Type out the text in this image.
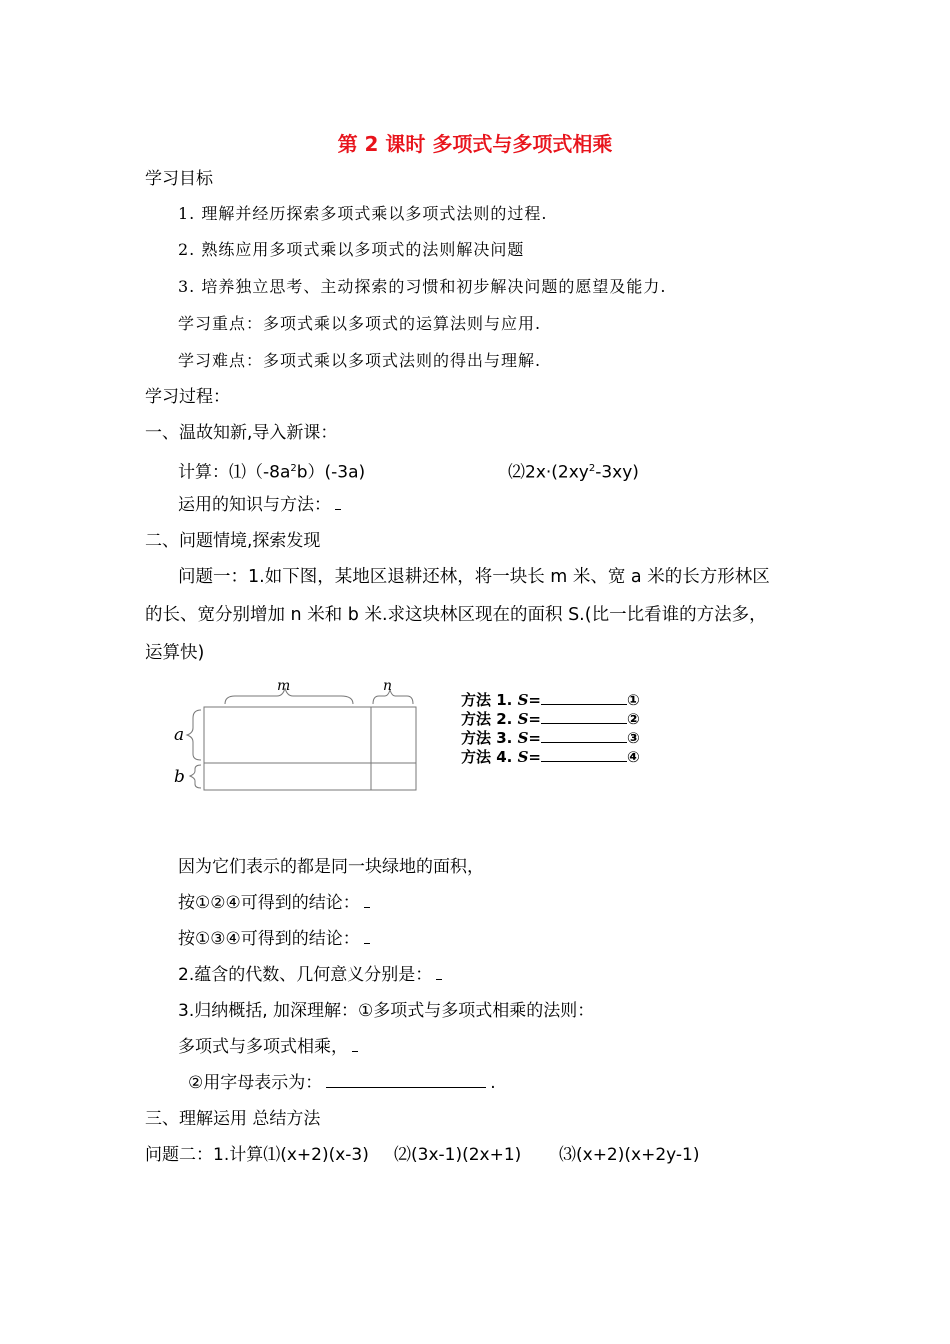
第 2 课时 多项式与多项式相乘
学习目标
1. 理解并经历探索多项式乘以多项式法则的过程.
2. 熟练应用多项式乘以多项式的法则解决问题
3. 培养独立思考、主动探索的习惯和初步解决问题的愿望及能力.
学习重点：多项式乘以多项式的运算法则与应用.
学习难点：多项式乘以多项式法则的得出与理解.
学习过程：
一、温故知新,导入新课：
计算：$⑴(-8a^2b)(-3a)$	$⑵2x\cdot(2xy^2-3xy)$
运用的知识与方法：
二、问题情境,探索发现
问题一：1.如下图，某地区退耕还林，将一块长 m 米、宽 a 米的长方形林区
的长、宽分别增加 n 米和 b 米.求这块林区现在的面积 S.(比一比看谁的方法多，
运算快)
m	n
a
b
方法 1. S=	①
方法 2. S=	②
方法 3. S=	③
方法 4. S=	④
因为它们表示的都是同一块绿地的面积，
按①②④可得到的结论：
按①③④可得到的结论：
2.蕴含的代数、几何意义分别是：
3.归纳概括, 加深理解：①多项式与多项式相乘的法则：
多项式与多项式相乘，
②用字母表示为：	.
三、理解运用 总结方法
问题二：1.计算⑴(x+2)(x-3) ⑵(3x-1)(2x+1) ⑶(x+2)(x+2y-1)
